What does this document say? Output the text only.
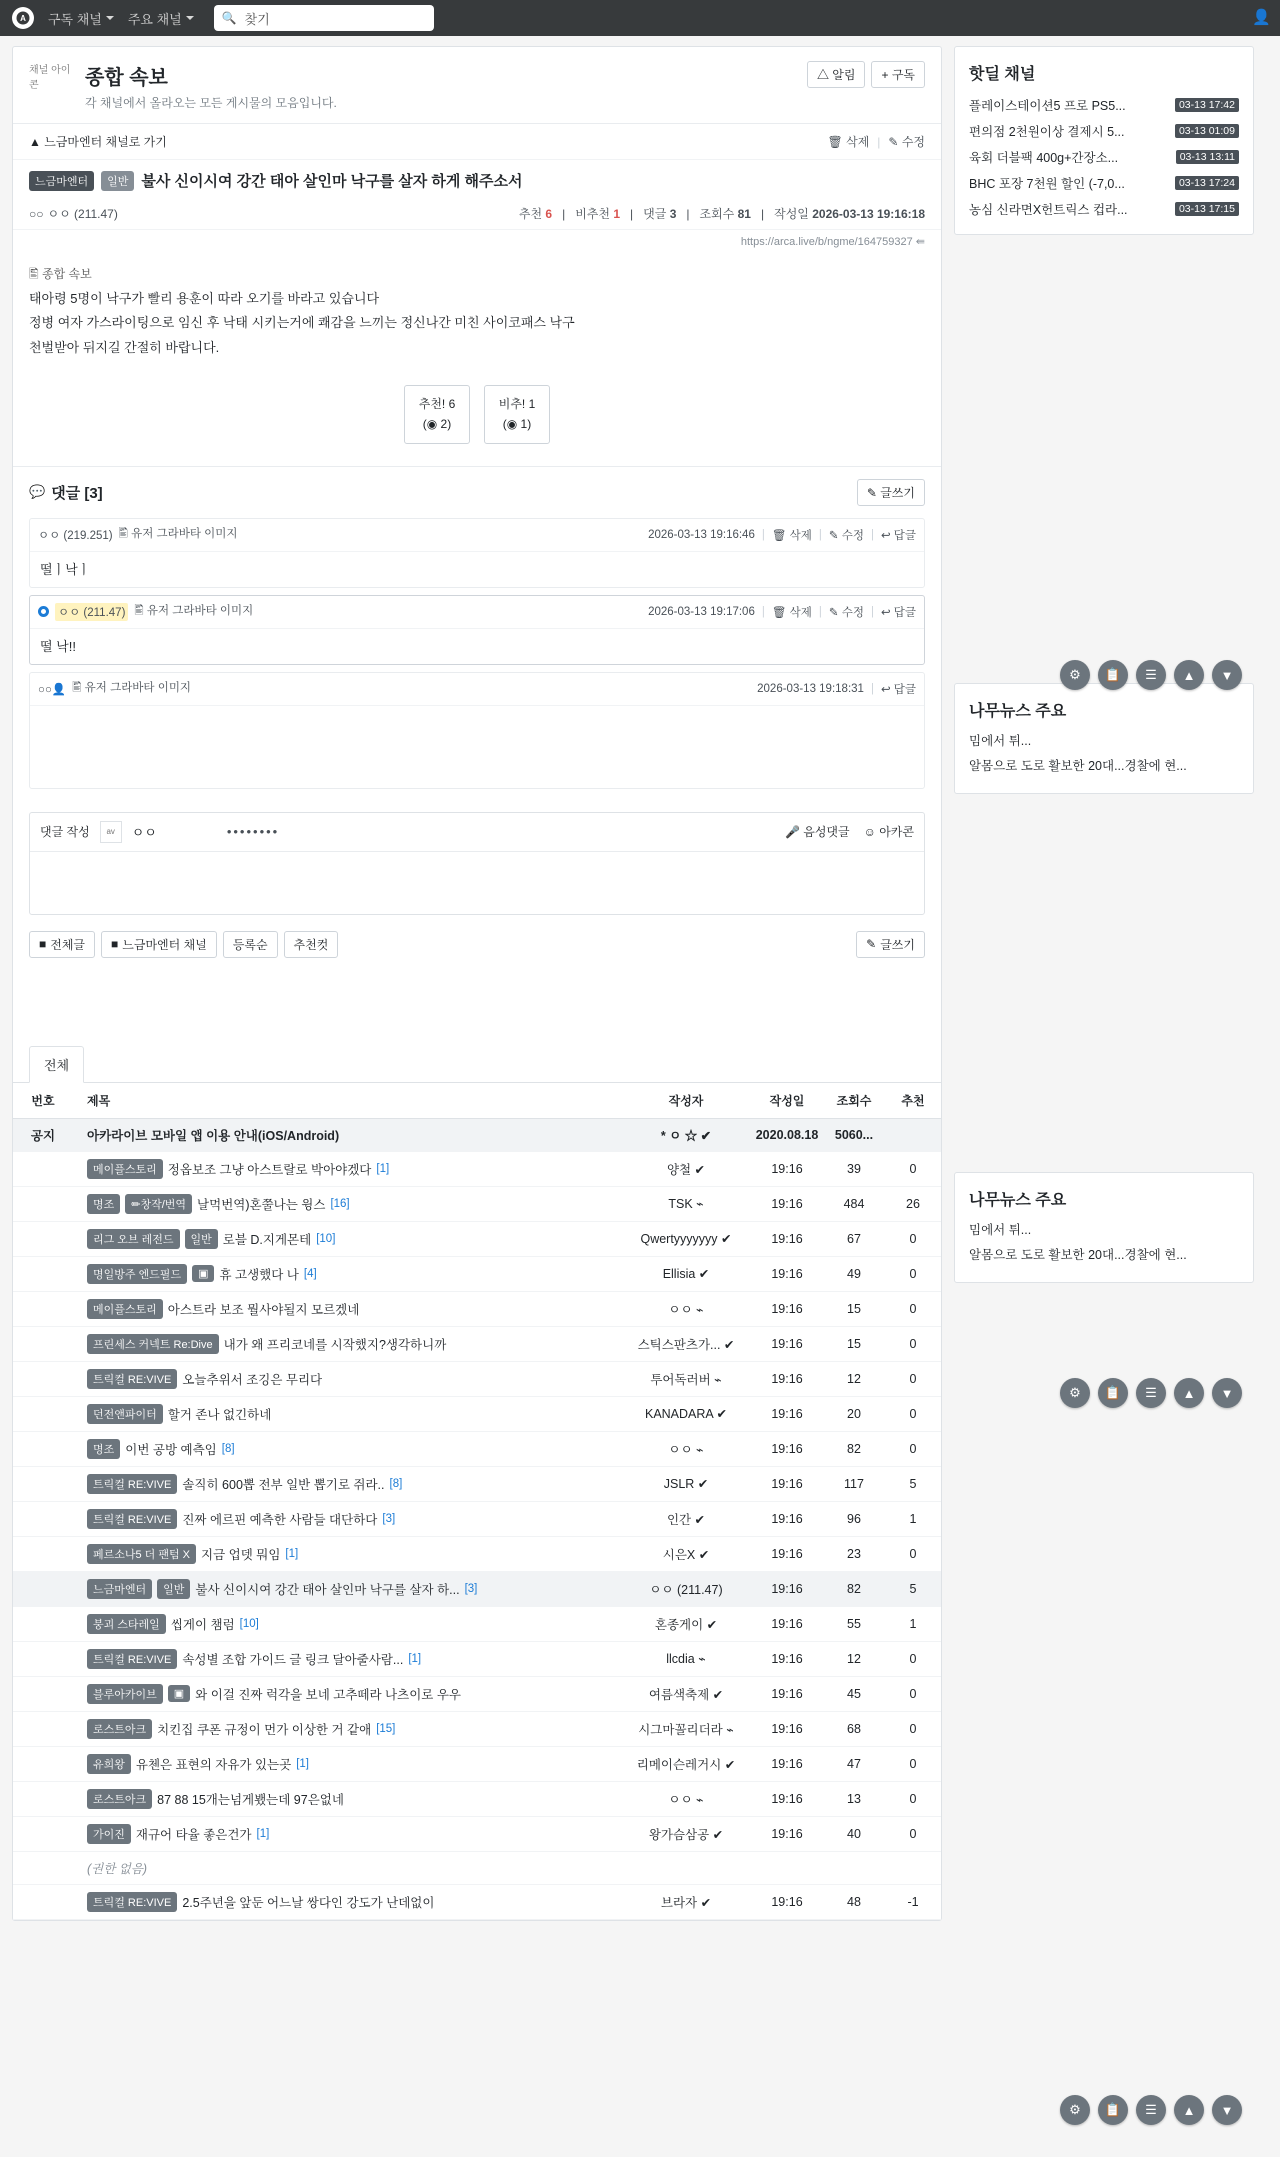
A 구독 채널 주요 채널	🔍
찾기	👤
채널 아이콘	종합 속보
각 채널에서 올라오는 모든 게시물의 모음입니다.
△ 알림	+ 구독
▲ 느금마엔터 채널로 가기	🗑 삭제 | ✎ 수정
느금마엔터	일반 불사 신이시여 강간 태아 살인마 낙구를 살자 하게 해주소서
○○ ㅇㅇ (211.47)	추천 6 | 비추천 1 | 댓글 3 | 조회수 81 | 작성일 2026-03-13 19:16:18
https://arca.live/b/ngme/164759327 ⇚
🖺 종합 속보
태아령 5명이 낙구가 빨리 용훈이 따라 오기를 바라고 있습니다
정병 여자 가스라이팅으로 임신 후 낙태 시키는거에 쾌감을 느끼는 정신나간 미친 사이코패스 낙구
천벌받아 뒤지길 간절히 바랍니다.
추천! 6
(◉ 2)
비추! 1
(◉ 1)
💬 댓글 [3]	✎ 글쓰기
ㅇㅇ (219.251) 🖺 유저 그라바타 이미지	2026-03-13 19:16:46 | 🗑 삭제 | ✎ 수정 | ↩ 답글
떨ㅣ낙ㅣ
ㅇㅇ (211.47) 🖺 유저 그라바타 이미지	2026-03-13 19:17:06 | 🗑 삭제 | ✎ 수정 | ↩ 답글
떨 낙!!
○○👤 🖺 유저 그라바타 이미지	2026-03-13 19:18:31 | ↩ 답글
댓글 작성 av ㅇㅇ	••••••••	🎤 음성댓글 ☺ 아카콘
■ 전체글	■ 느금마엔터 채널 등록순 추천컷	✎ 글쓰기
전체
번호	제목	작성자	작성일	조회수	추천
공지	아카라이브 모바일 앱 이용 안내(iOS/Android)	* ㅇ ☆ ✔	2020.08.18	5060...	

	메이플스토리 정옵보조 그냥 아스트랄로 박아야겠다 [1]	양철 ✔	19:16	39	0

	명조 ✏창작/번역 날먹번역)혼쭐나는 윙스 [16]	TSK ⌁	19:16	484	26

	리그 오브 레전드 일반 로블 D.지게몬테 [10]	Qwertyyyyyyy ✔	19:16	67	0

	명일방주 엔드필드 ▣ 휴 고생했다 나 [4]	Ellisia ✔	19:16	49	0

	메이플스토리 아스트라 보조 뭘사야될지 모르겠네	ㅇㅇ ⌁	19:16	15	0

	프린세스 커넥트 Re:Dive 내가 왜 프리코네를 시작했지?생각하니까	스틱스판츠가... ✔	19:16	15	0

	트릭컬 RE:VIVE 오늘추위서 조깅은 무리다	투어독러버 ⌁	19:16	12	0

	던전앤파이터 할거 존나 없긴하네	KANADARA ✔	19:16	20	0

	명조 이번 공방 예측임 [8]	ㅇㅇ ⌁	19:16	82	0

	트릭컬 RE:VIVE 솔직히 600뽑 전부 일반 뽑기로 쥐라.. [8]	JSLR ✔	19:16	117	5

	트릭컬 RE:VIVE 진짜 에르핀 예측한 사람들 대단하다 [3]	인간 ✔	19:16	96	1

	페르소나5 더 팬텀 X 지금 업뎃 뭐임 [1]	시은X ✔	19:16	23	0

	느금마엔터 일반 불사 신이시여 강간 태아 살인마 낙구를 살자 하... [3]	ㅇㅇ (211.47)	19:16	82	5

	붕괴 스타레일 씹게이 챔럼 [10]	혼종게이 ✔	19:16	55	1

	트릭컬 RE:VIVE 속성별 조합 가이드 글 링크 달아줄사람... [1]	llcdia ⌁	19:16	12	0

	블루아카이브 ▣ 와 이걸 진짜 럭각을 보네 고추떼라 나츠이로 우우	여름색축제 ✔	19:16	45	0

	로스트아크 치킨집 쿠폰 규정이 먼가 이상한 거 같애 [15]	시그마꼴리더라 ⌁	19:16	68	0

	유희왕 유첸은 표현의 자유가 있는곳 [1]	리메이슨레거시 ✔	19:16	47	0

	로스트아크 87 88 15개는넘게뵀는데 97은없네	ㅇㅇ ⌁	19:16	13	0

	가이진 재규어 타율 좋은건가 [1]	왕가슴삼공 ✔	19:16	40	0

	(권한 없음)				

	트릭컬 RE:VIVE 2.5주년을 앞둔 어느날 쌍다인 강도가 난데없이	브라자 ✔	19:16	48	-1
핫딜 채널
플레이스테이션5 프로 PS5...	03-13 17:42
편의점 2천원이상 결제시 5...	03-13 01:09
육회 더블팩 400g+간장소...	03-13 13:11
BHC 포장 7천원 할인 (-7,0...	03-13 17:24
농심 신라면X헌트릭스 컵라...	03-13 17:15
나무뉴스 주요
밈에서 튀...
알몸으로 도로 활보한 20대...경찰에 현...
나무뉴스 주요
밈에서 튀...
알몸으로 도로 활보한 20대...경찰에 현...
⚙	📋	☰	▲	▼
⚙	📋	☰	▲	▼
⚙	📋	☰	▲	▼
